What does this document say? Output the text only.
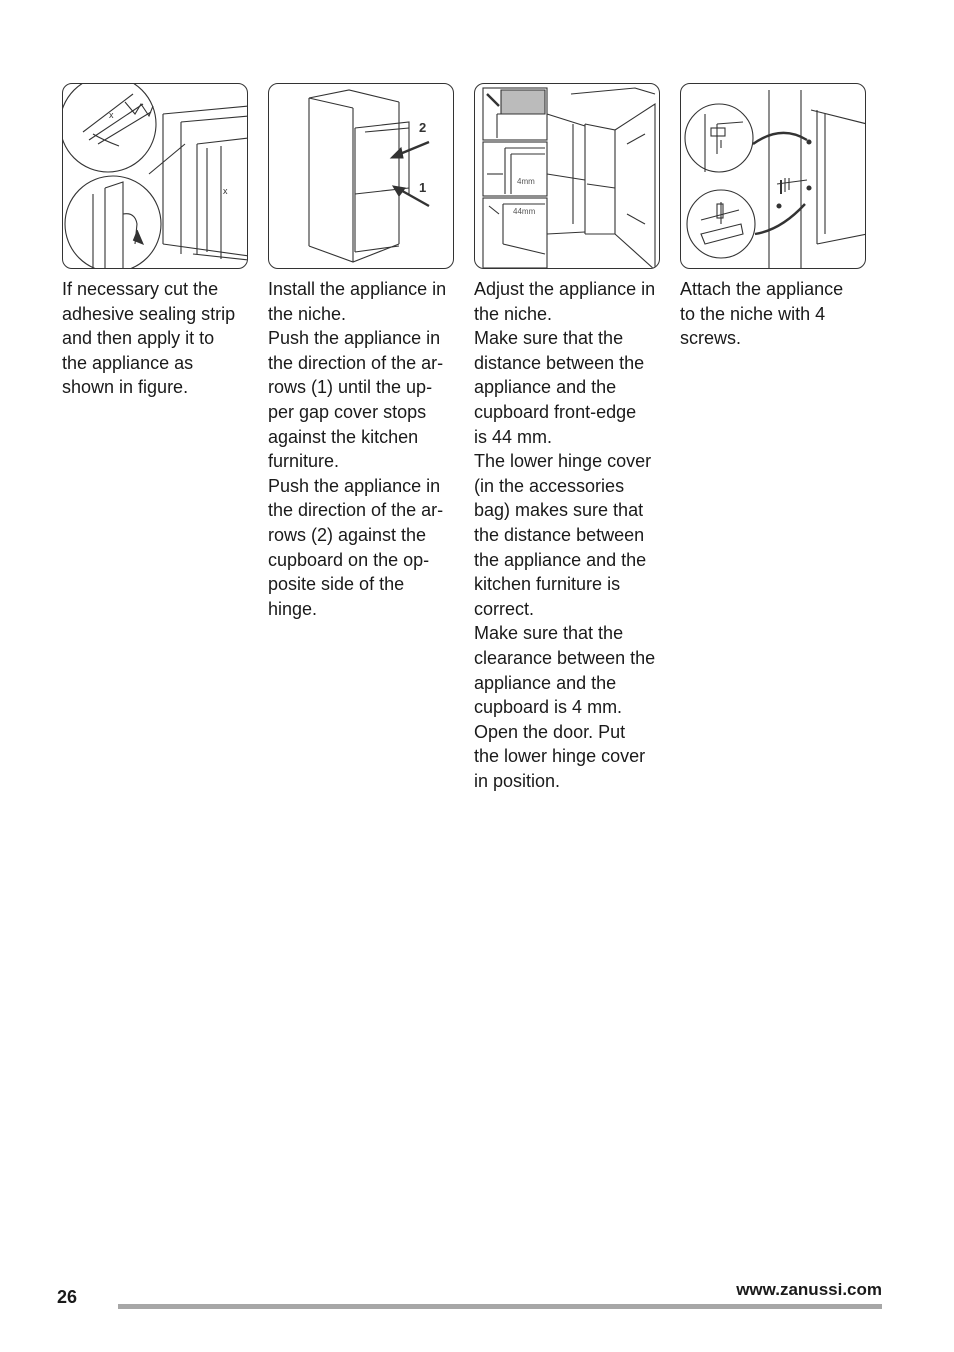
x
x
If necessary cut the
adhesive sealing strip
and then apply it to
the appliance as
shown in figure.
2
1
Install the appliance in
the niche.
Push the appliance in
the direction of the ar-
rows (1) until the up-
per gap cover stops
against the kitchen
furniture.
Push the appliance in
the direction of the ar-
rows (2) against the
cupboard on the op-
posite side of the
hinge.
4mm
44mm
Adjust the appliance in
the niche.
Make sure that the
distance between the
appliance and the
cupboard front-edge
is 44 mm.
The lower hinge cover
(in the accessories
bag) makes sure that
the distance between
the appliance and the
kitchen furniture is
correct.
Make sure that the
clearance between the
appliance and the
cupboard is 4 mm.
Open the door. Put
the lower hinge cover
in position.
Attach the appliance
to the niche with 4
screws.
26	www.zanussi.com
